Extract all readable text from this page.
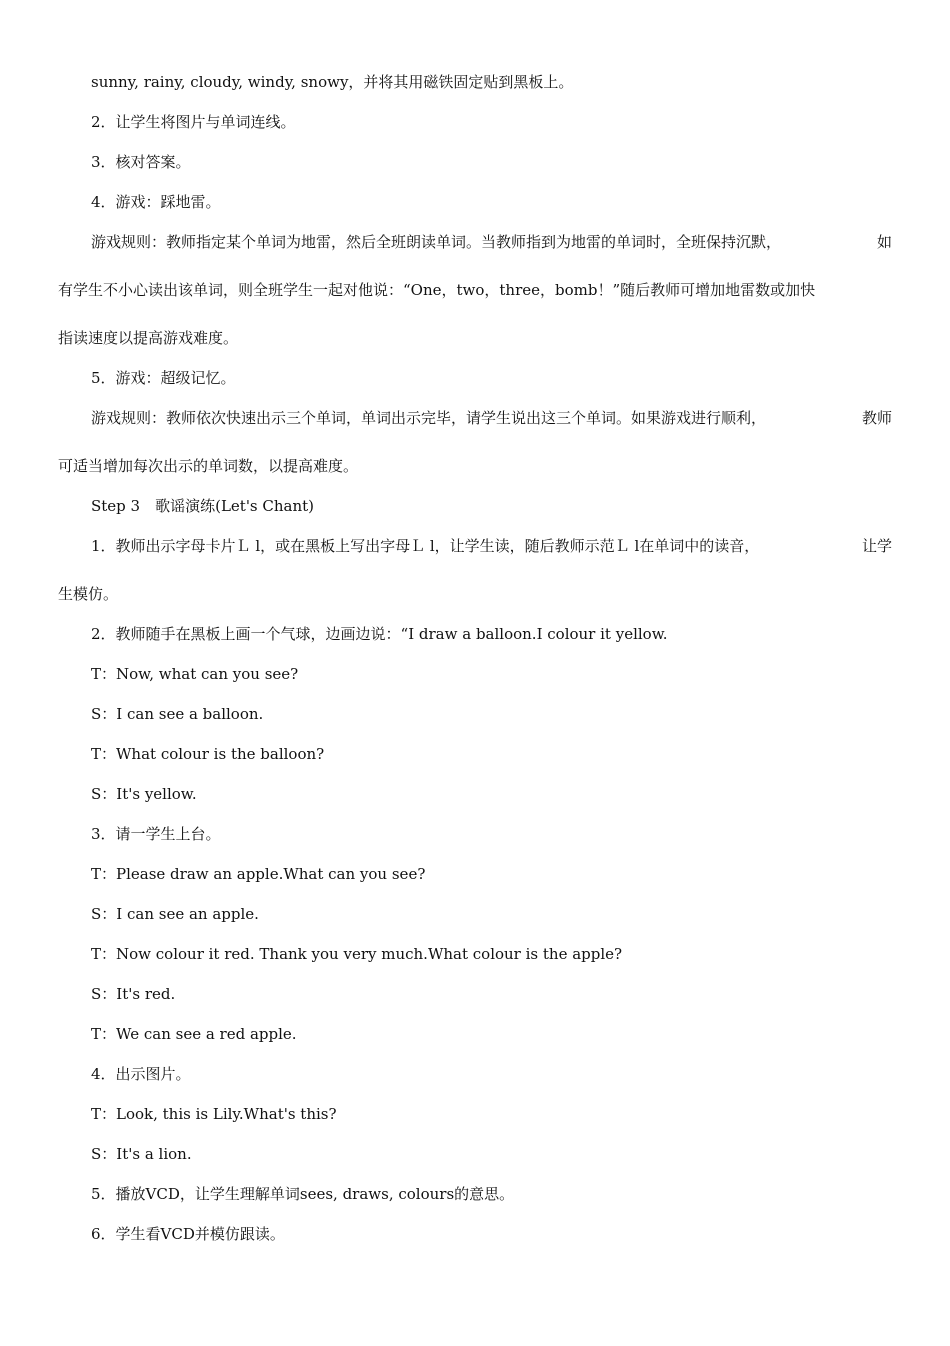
sunny, rainy, cloudy, windy, snowy，并将其用磁铁固定贴到黑板上。
2．让学生将图片与单词连线。
3．核对答案。
4．游戏：踩地雷。
游戏规则：教师指定某个单词为地雷，然后全班朗读单词。当教师指到为地雷的单词时，全班保持沉默，	如
有学生不小心读出该单词，则全班学生一起对他说：“One，two，three，bomb！”随后教师可增加地雷数或加快
指读速度以提高游戏难度。
5．游戏：超级记忆。
游戏规则：教师依次快速出示三个单词，单词出示完毕，请学生说出这三个单词。如果游戏进行顺利，	教师
可适当增加每次出示的单词数，以提高难度。
Step 3　歌谣演练(Let's Chant)
1．教师出示字母卡片Ｌ l，或在黑板上写出字母Ｌ l，让学生读，随后教师示范Ｌ l在单词中的读音，	让学
生模仿。
2．教师随手在黑板上画一个气球，边画边说：“I draw a balloon.I colour it yellow.
T：Now, what can you see?
S：I can see a balloon.
T：What colour is the balloon?
S：It's yellow.
3．请一学生上台。
T：Please draw an apple.What can you see?
S：I can see an apple.
T：Now colour it red. Thank you very much.What colour is the apple?
S：It's red.
T：We can see a red apple.
4．出示图片。
T：Look, this is Lily.What's this?
S：It's a lion.
5．播放VCD，让学生理解单词sees, draws, colours的意思。
6．学生看VCD并模仿跟读。
